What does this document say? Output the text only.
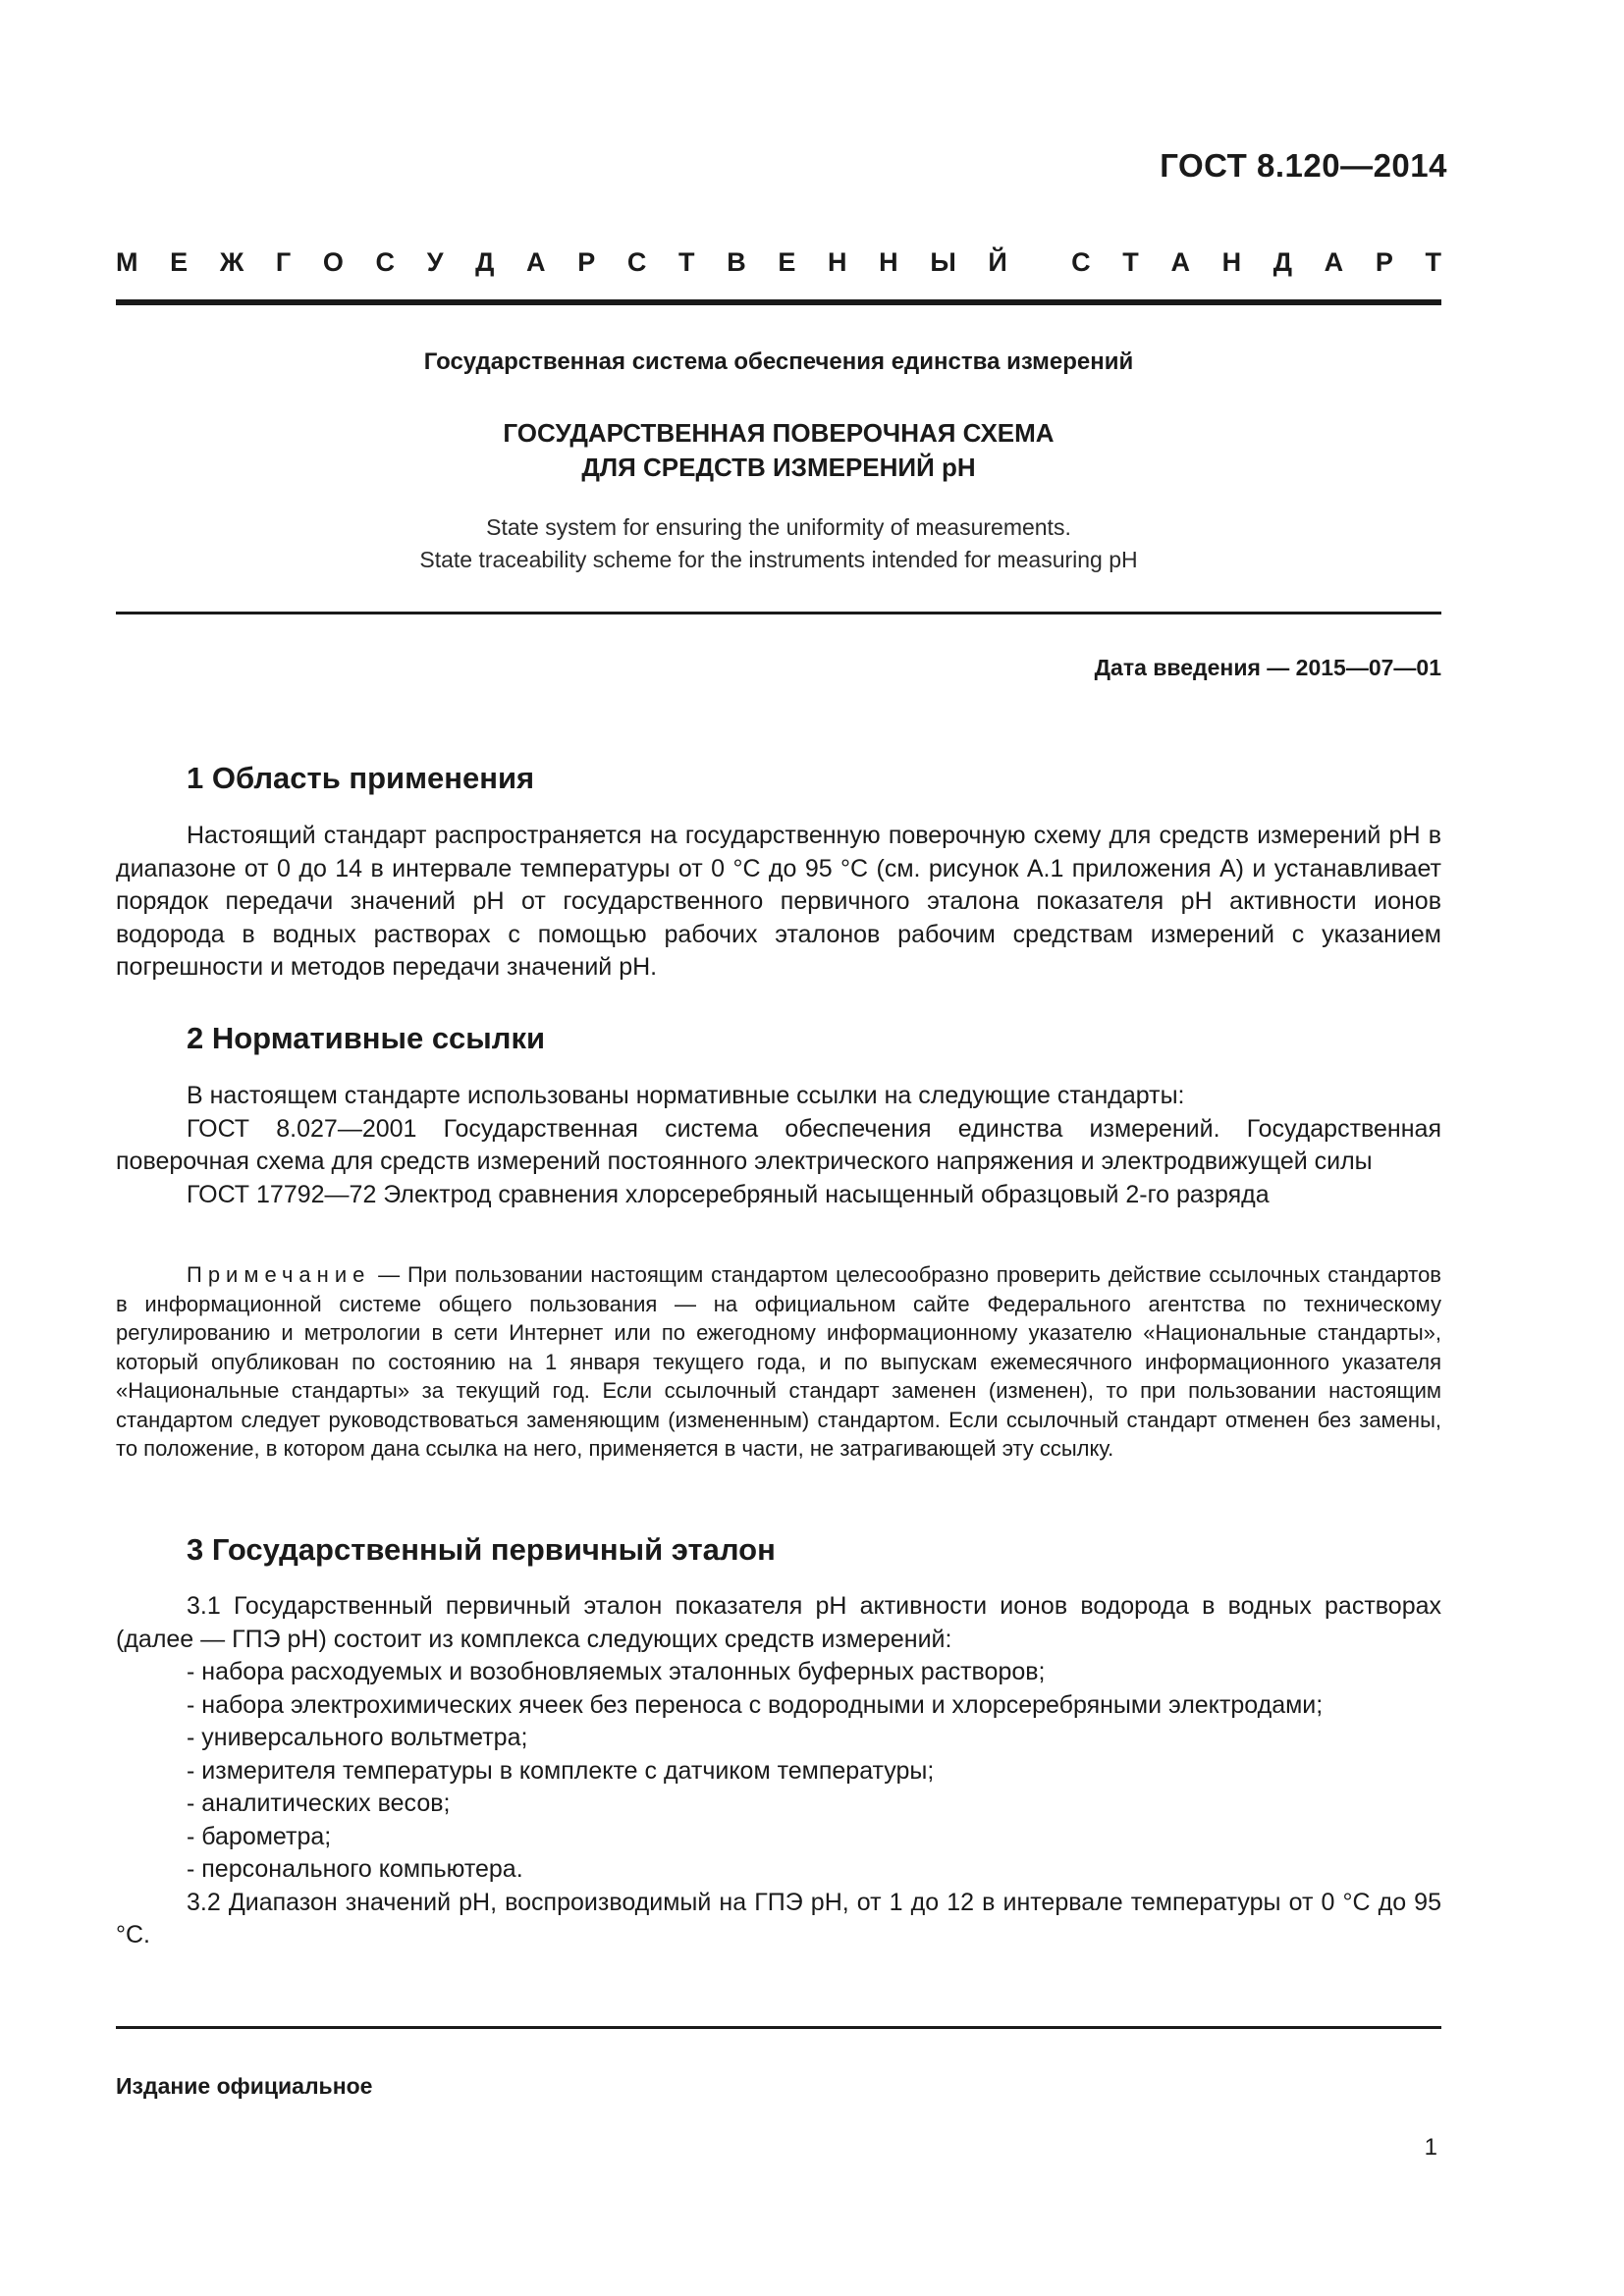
ГОСТ 8.120—2014
М Е Ж Г О С У Д А Р С Т В Е Н Н Ы Й С Т А Н Д А Р Т
Государственная система обеспечения единства измерений
ГОСУДАРСТВЕННАЯ ПОВЕРОЧНАЯ СХЕМА
ДЛЯ СРЕДСТВ ИЗМЕРЕНИЙ pH
State system for ensuring the uniformity of measurements.
State traceability scheme for the instruments intended for measuring pH
Дата введения — 2015—07—01
1 Область применения

Настоящий стандарт распространяется на государственную поверочную схему для средств измерений pH в диапазоне от 0 до 14 в интервале температуры от 0 °С до 95 °С (см. рисунок А.1 приложения А) и устанавливает порядок передачи значений pH от государственного первичного эталона показателя pH активности ионов водорода в водных растворах с помощью рабочих эталонов рабочим средствам измерений с указанием погрешности и методов передачи значений pH.

2 Нормативные ссылки

В настоящем стандарте использованы нормативные ссылки на следующие стандарты:

ГОСТ 8.027—2001 Государственная система обеспечения единства измерений. Государственная поверочная схема для средств измерений постоянного электрического напряжения и электродвижущей силы

ГОСТ 17792—72 Электрод сравнения хлорсеребряный насыщенный образцовый 2-го разряда

Примечание — При пользовании настоящим стандартом целесообразно проверить действие ссылочных стандартов в информационной системе общего пользования — на официальном сайте Федерального агентства по техническому регулированию и метрологии в сети Интернет или по ежегодному информационному указателю «Национальные стандарты», который опубликован по состоянию на 1 января текущего года, и по выпускам ежемесячного информационного указателя «Национальные стандарты» за текущий год. Если ссылочный стандарт заменен (изменен), то при пользовании настоящим стандартом следует руководствоваться заменяющим (измененным) стандартом. Если ссылочный стандарт отменен без замены, то положение, в котором дана ссылка на него, применяется в части, не затрагивающей эту ссылку.

3 Государственный первичный эталон

3.1 Государственный первичный эталон показателя pH активности ионов водорода в водных растворах (далее — ГПЭ pH) состоит из комплекса следующих средств измерений:

- набора расходуемых и возобновляемых эталонных буферных растворов;
- набора электрохимических ячеек без переноса с водородными и хлорсеребряными электродами;
- универсального вольтметра;
- измерителя температуры в комплекте с датчиком температуры;
- аналитических весов;
- барометра;
- персонального компьютера.

3.2 Диапазон значений pH, воспроизводимый на ГПЭ pH, от 1 до 12 в интервале температуры от 0 °С до 95 °С.

Издание официальное
1
